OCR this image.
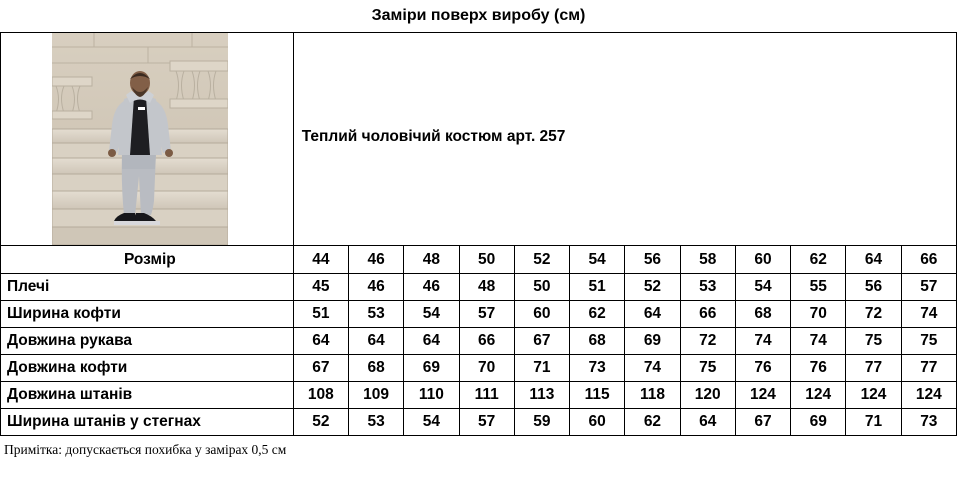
Заміри поверх виробу (см)
	Теплий чоловічий костюм арт. 257											
Розмір	44	46	48	50	52	54	56	58	60	62	64	66
Плечі	45	46	46	48	50	51	52	53	54	55	56	57
Ширина кофти	51	53	54	57	60	62	64	66	68	70	72	74
Довжина рукава	64	64	64	66	67	68	69	72	74	74	75	75
Довжина кофти	67	68	69	70	71	73	74	75	76	76	77	77
Довжина штанів	108	109	110	111	113	115	118	120	124	124	124	124
Ширина штанів у стегнах	52	53	54	57	59	60	62	64	67	69	71	73
Примітка: допускається похибка у замірах 0,5 см
